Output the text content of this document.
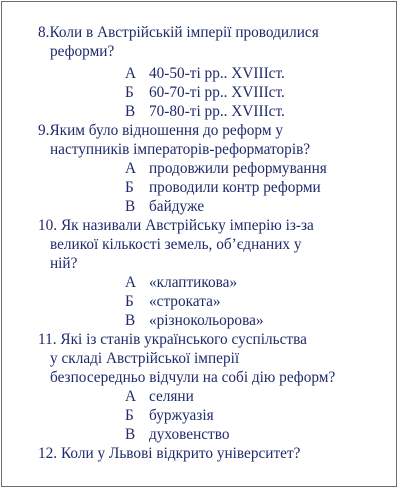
8.Коли в Австрійській імперії проводилися
реформи?
А 40-50-ті рр.. XVIIIст.
Б 60-70-ті рр.. XVIIIст.
В 70-80-ті рр.. XVIIIст.
9.Яким було відношення до реформ у
наступників імператорів-реформаторів?
А продовжили реформування
Б проводили контр реформи
В байдуже
10. Як називали Австрійську імперію із-за
великої кількості земель, об’єднаних у
ній?
А «клаптикова»
Б «строката»
В «різнокольорова»
11. Які із станів українського суспільства
у складі Австрійської імперії
безпосередньо відчули на собі дію реформ?
А селяни
Б буржуазія
В духовенство
12. Коли у Львові відкрито університет?
